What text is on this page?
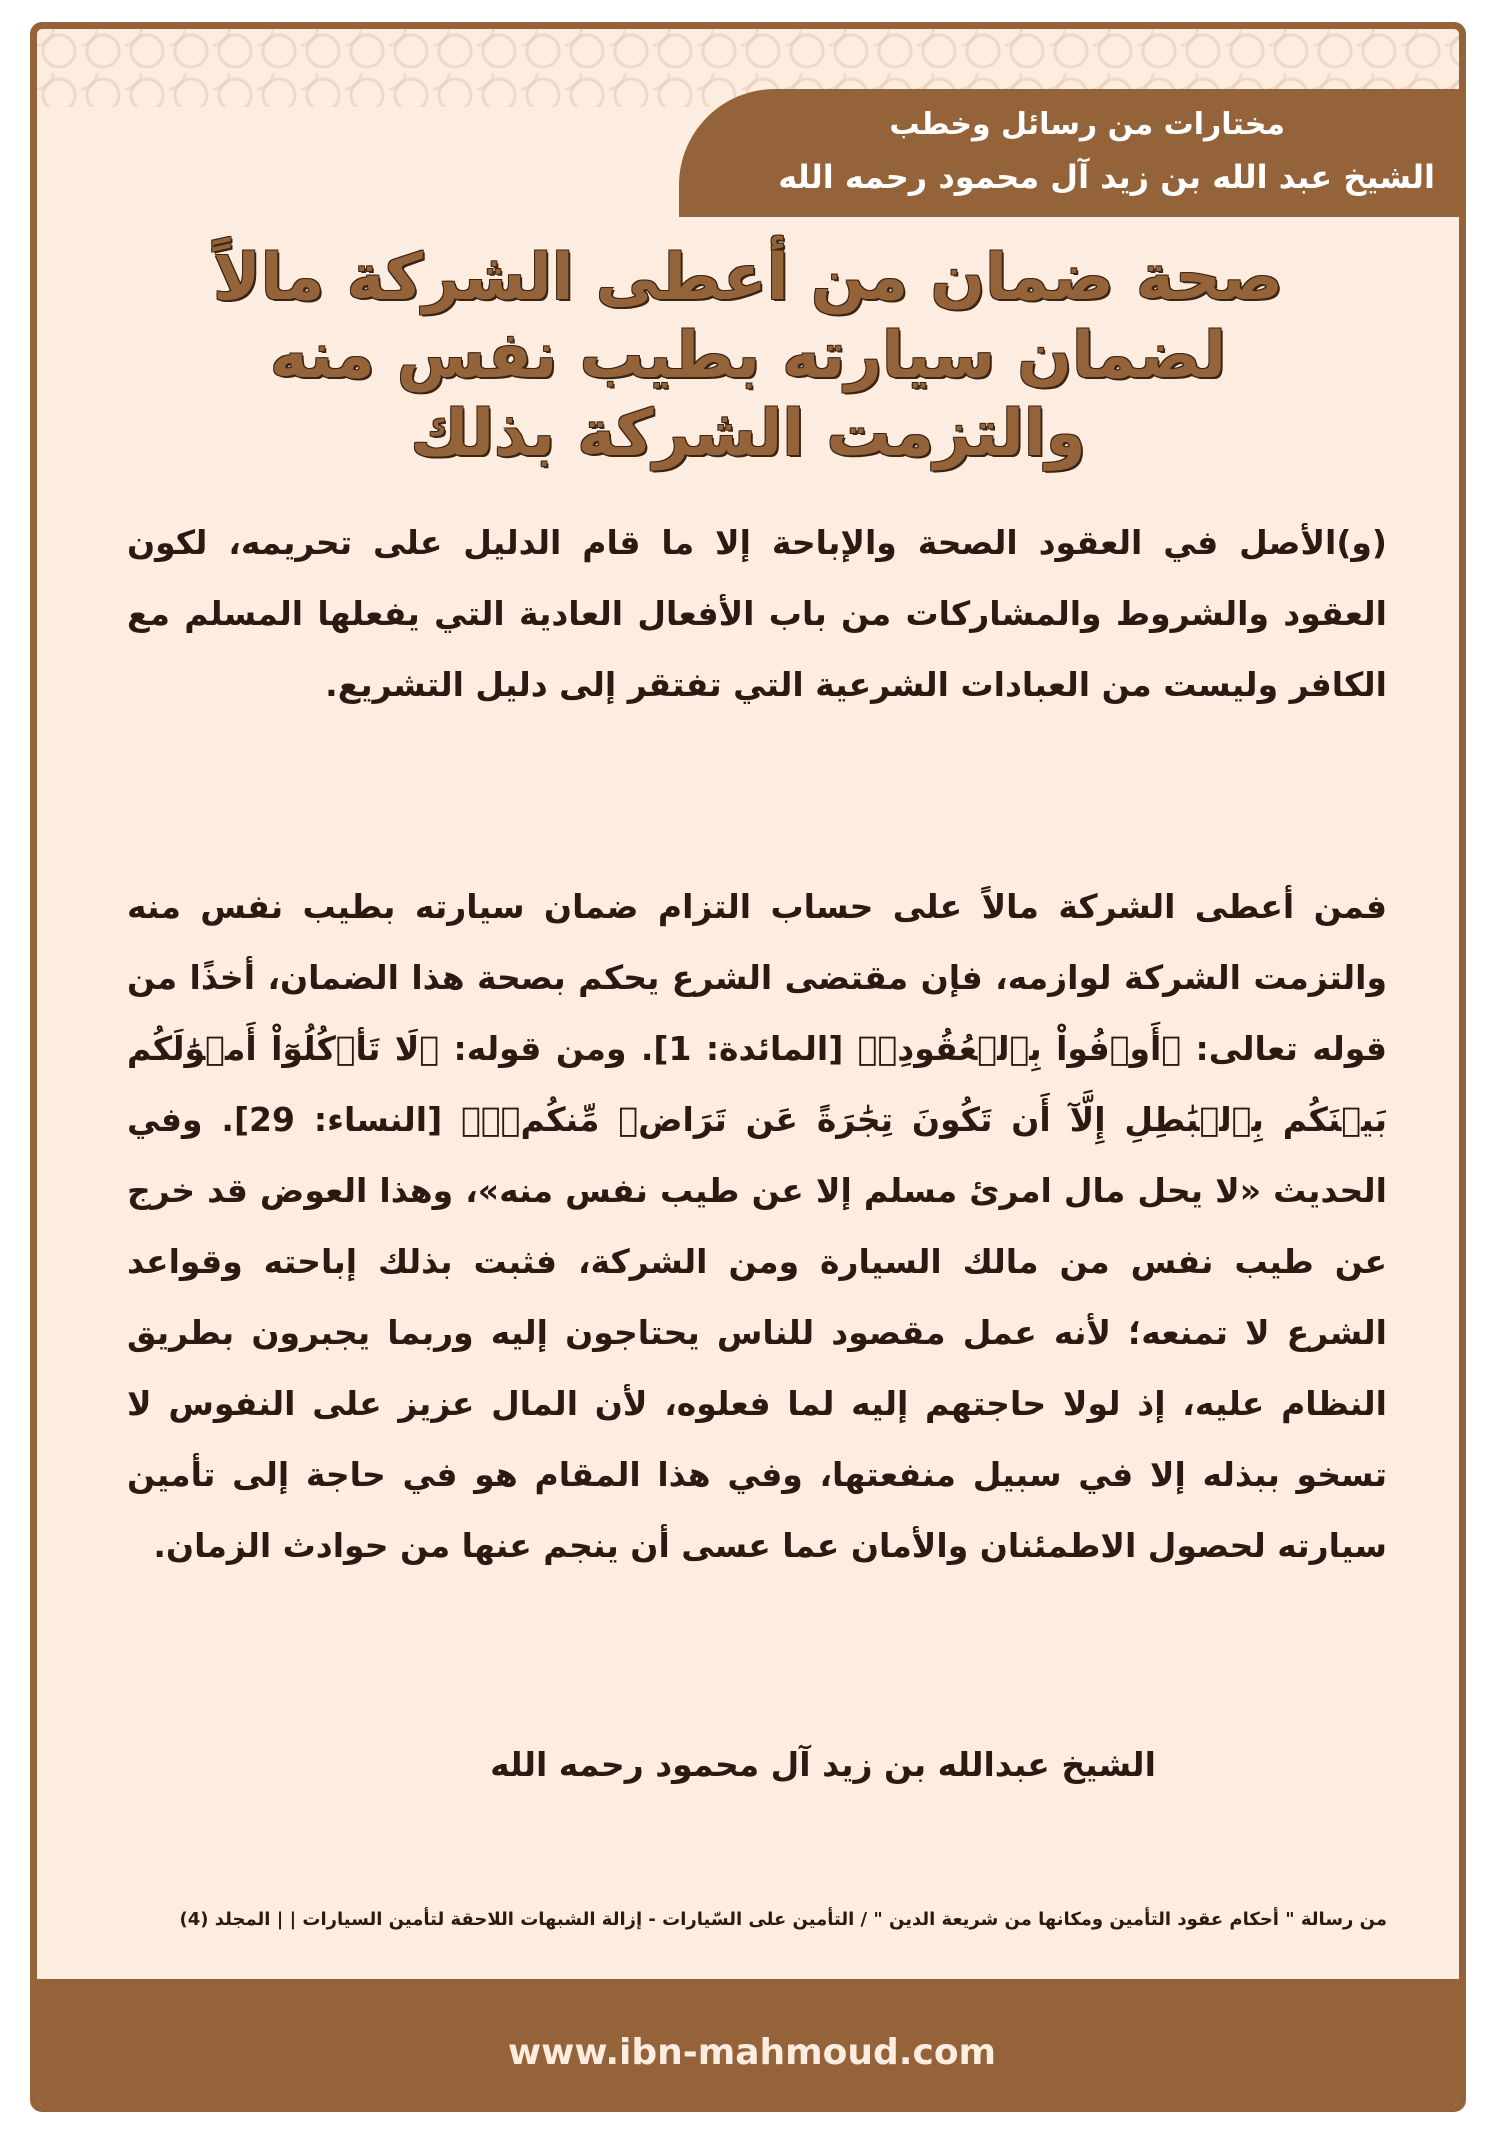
مختارات من رسائل وخطب
الشيخ عبد الله بن زيد آل محمود رحمه الله
صحة ضمان من أعطى الشركة مالاً لضمان سيارته بطيب نفس منه والتزمت الشركة بذلك

(و)الأصل في العقود الصحة والإباحة إلا ما قام الدليل على تحريمه، لكون العقود والشروط والمشاركات من باب الأفعال العادية التي يفعلها المسلم مع الكافر وليست من العبادات الشرعية التي تفتقر إلى دليل التشريع.

فمن أعطى الشركة مالاً على حساب التزام ضمان سيارته بطيب نفس منه والتزمت الشركة لوازمه، فإن مقتضى الشرع يحكم بصحة هذا الضمان، أخذًا من قوله تعالى: ﴿أَوۡفُواْ بِٱلۡعُقُودِۚ﴾ [المائدة: 1]. ومن قوله: ﴿لَا تَأۡكُلُوٓاْ أَمۡوَٰلَكُم بَيۡنَكُم بِٱلۡبَٰطِلِ إِلَّآ أَن تَكُونَ تِجَٰرَةً عَن تَرَاضٖ مِّنكُمۡۚ﴾ [النساء: 29]. وفي الحديث «لا يحل مال امرئ مسلم إلا عن طيب نفس منه»، وهذا العوض قد خرج عن طيب نفس من مالك السيارة ومن الشركة، فثبت بذلك إباحته وقواعد الشرع لا تمنعه؛ لأنه عمل مقصود للناس يحتاجون إليه وربما يجبرون بطريق النظام عليه، إذ لولا حاجتهم إليه لما فعلوه، لأن المال عزيز على النفوس لا تسخو ببذله إلا في سبيل منفعتها، وفي هذا المقام هو في حاجة إلى تأمين سيارته لحصول الاطمئنان والأمان عما عسى أن ينجم عنها من حوادث الزمان.

الشيخ عبدالله بن زيد آل محمود رحمه الله
من رسالة " أحكام عقود التأمين ومكانها من شريعة الدين " / التأمين على السّيارات - إزالة الشبهات اللاحقة لتأمين السيارات | | المجلد (4)
www.ibn-mahmoud.com
